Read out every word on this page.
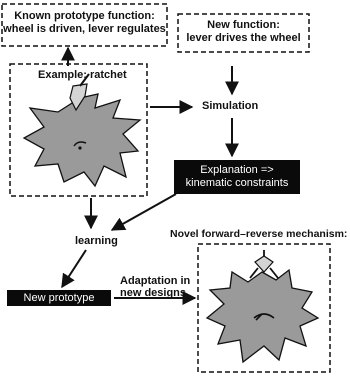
Known prototype function:
wheel is driven, lever regulates	New function:
lever drives the wheel
Example: ratchet
Simulation
Explanation =>
kinematic constraints
learning
Novel forward–reverse mechanism:
New prototype
Adaptation in
new designs
